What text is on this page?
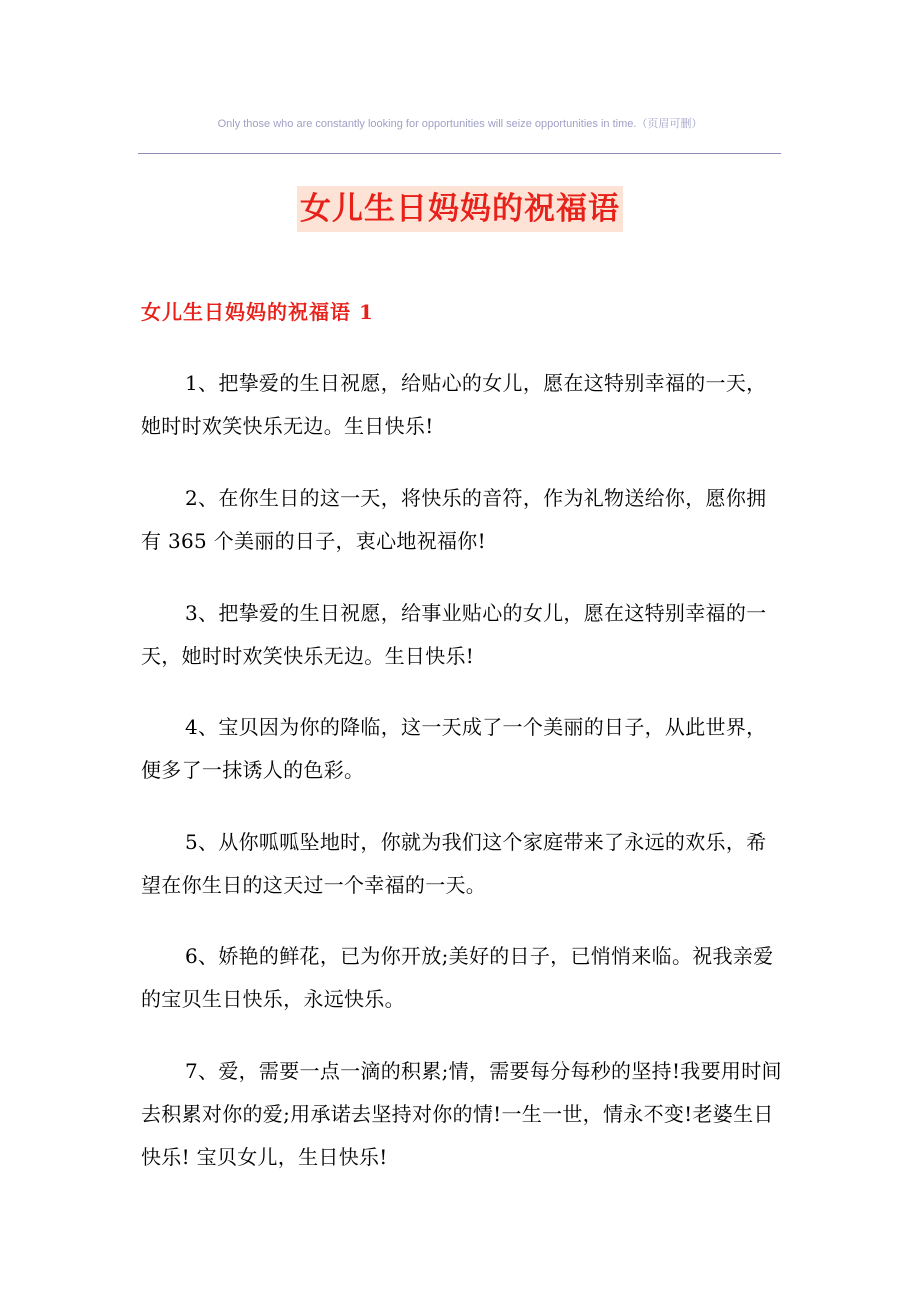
Only those who are constantly looking for opportunities will seize opportunities in time.（页眉可删）
女儿生日妈妈的祝福语
女儿生日妈妈的祝福语 1
1、把挚爱的生日祝愿，给贴心的女儿，愿在这特别幸福的一天，她时时欢笑快乐无边。生日快乐!
2、在你生日的这一天，将快乐的音符，作为礼物送给你，愿你拥有 365 个美丽的日子，衷心地祝福你!
3、把挚爱的生日祝愿，给事业贴心的女儿，愿在这特别幸福的一天，她时时欢笑快乐无边。生日快乐!
4、宝贝因为你的降临，这一天成了一个美丽的日子，从此世界，便多了一抹诱人的色彩。
5、从你呱呱坠地时，你就为我们这个家庭带来了永远的欢乐，希望在你生日的这天过一个幸福的一天。
6、娇艳的鲜花，已为你开放;美好的日子，已悄悄来临。祝我亲爱的宝贝生日快乐，永远快乐。
7、爱，需要一点一滴的积累;情，需要每分每秒的坚持!我要用时间去积累对你的爱;用承诺去坚持对你的情!一生一世，情永不变!老婆生日快乐! 宝贝女儿，生日快乐!
